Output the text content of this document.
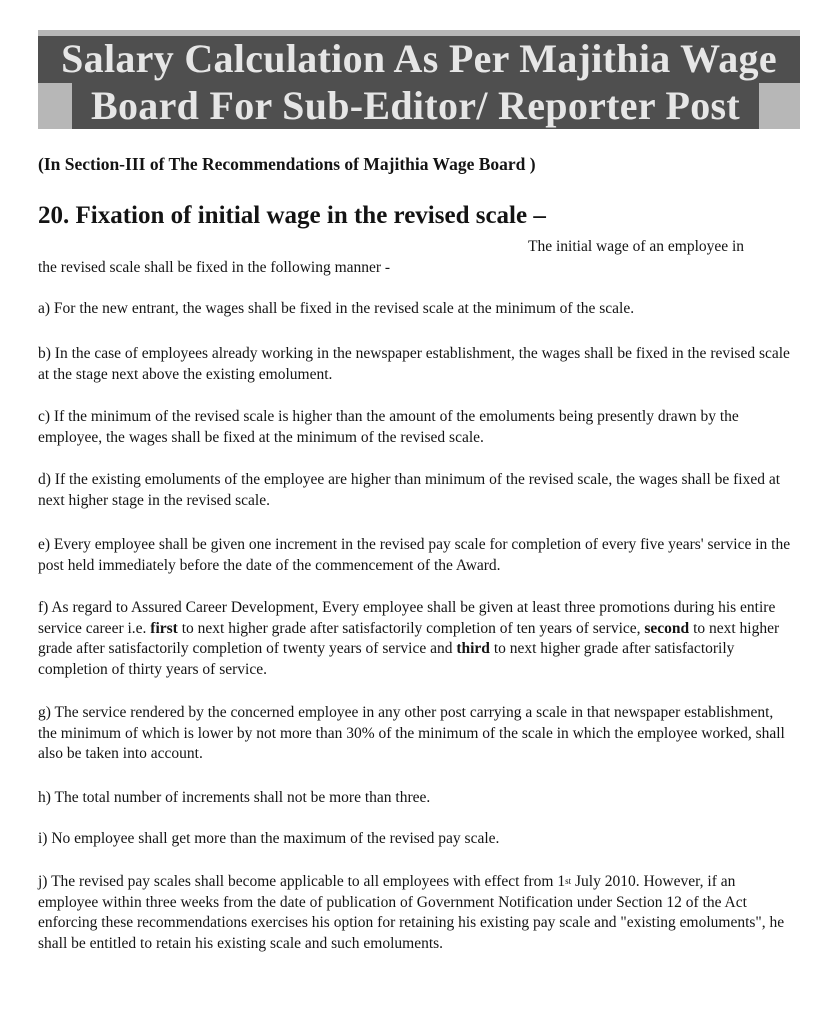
Salary Calculation As Per Majithia Wage
Board For Sub-Editor/ Reporter Post
(In Section-III of The Recommendations of Majithia Wage Board )
20. Fixation of initial wage in the revised scale –
The initial wage of an employee in
the revised scale shall be fixed in the following manner -
a) For the new entrant, the wages shall be fixed in the revised scale at the minimum of the scale.
b) In the case of employees already working in the newspaper establishment, the wages shall be fixed in the revised scale at the stage next above the existing emolument.
c) If the minimum of the revised scale is higher than the amount of the emoluments being presently drawn by the employee, the wages shall be fixed at the minimum of the revised scale.
d) If the existing emoluments of the employee are higher than minimum of the revised scale, the wages shall be fixed at next higher stage in the revised scale.
e) Every employee shall be given one increment in the revised pay scale for completion of every five years' service in the post held immediately before the date of the commencement of the Award.
f) As regard to Assured Career Development, Every employee shall be given at least three promotions during his entire service career i.e. first to next higher grade after satisfactorily completion of ten years of service, second to next higher grade after satisfactorily completion of twenty years of service and third to next higher grade after satisfactorily completion of thirty years of service.
g) The service rendered by the concerned employee in any other post carrying a scale in that newspaper establishment, the minimum of which is lower by not more than 30% of the minimum of the scale in which the employee worked, shall also be taken into account.
h) The total number of increments shall not be more than three.
i) No employee shall get more than the maximum of the revised pay scale.
j) The revised pay scales shall become applicable to all employees with effect from 1st July 2010. However, if an employee within three weeks from the date of publication of Government Notification under Section 12 of the Act enforcing these recommendations exercises his option for retaining his existing pay scale and "existing emoluments", he shall be entitled to retain his existing scale and such emoluments.
